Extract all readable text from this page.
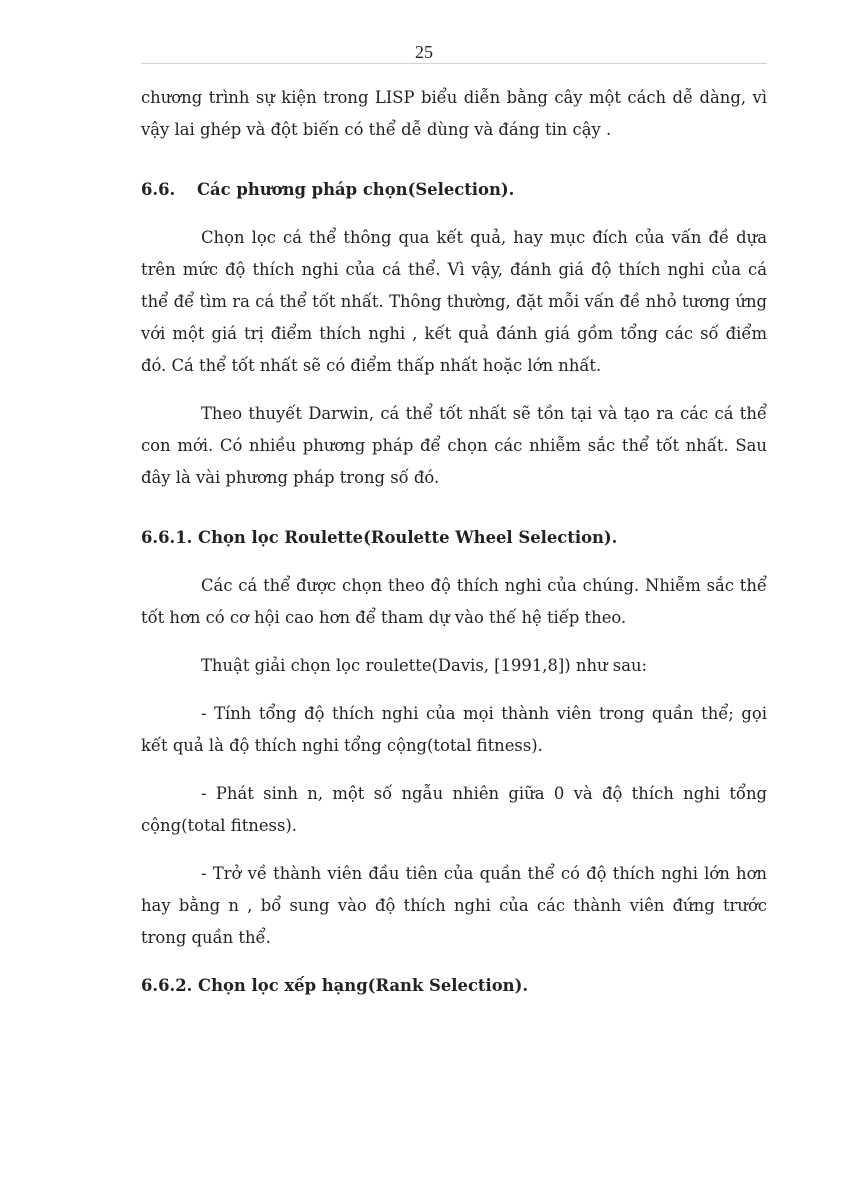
25

chương trình sự kiện trong LISP biểu diễn bằng cây một cách dễ dàng, vì vậy lai ghép và đột biến có thể dễ dùng và đáng tin cậy .

6.6. Các phương pháp chọn(Selection).

Chọn lọc cá thể thông qua kết quả, hay mục đích của vấn đề dựa trên mức độ thích nghi của cá thể. Vì vậy, đánh giá độ thích nghi của cá thể để tìm ra cá thể tốt nhất. Thông thường, đặt mỗi vấn đề nhỏ tương ứng với một giá trị điểm thích nghi , kết quả đánh giá gồm tổng các số điểm đó. Cá thể tốt nhất sẽ có điểm thấp nhất hoặc lớn nhất.

Theo thuyết Darwin, cá thể tốt nhất sẽ tồn tại và tạo ra các cá thể con mới. Có nhiều phương pháp để chọn các nhiễm sắc thể tốt nhất. Sau đây là vài phương pháp trong số đó.

6.6.1. Chọn lọc Roulette(Roulette Wheel Selection).

Các cá thể được chọn theo độ thích nghi của chúng. Nhiễm sắc thể tốt hơn có cơ hội cao hơn để tham dự vào thế hệ tiếp theo.

Thuật giải chọn lọc roulette(Davis, [1991,8]) như sau:

- Tính tổng độ thích nghi của mọi thành viên trong quần thể; gọi kết quả là độ thích nghi tổng cộng(total fitness).

- Phát sinh n, một số ngẫu nhiên giữa 0 và độ thích nghi tổng cộng(total fitness).

- Trở về thành viên đầu tiên của quần thể có độ thích nghi lớn hơn hay bằng n , bổ sung vào độ thích nghi của các thành viên đứng trước trong quần thể.

6.6.2. Chọn lọc xếp hạng(Rank Selection).
